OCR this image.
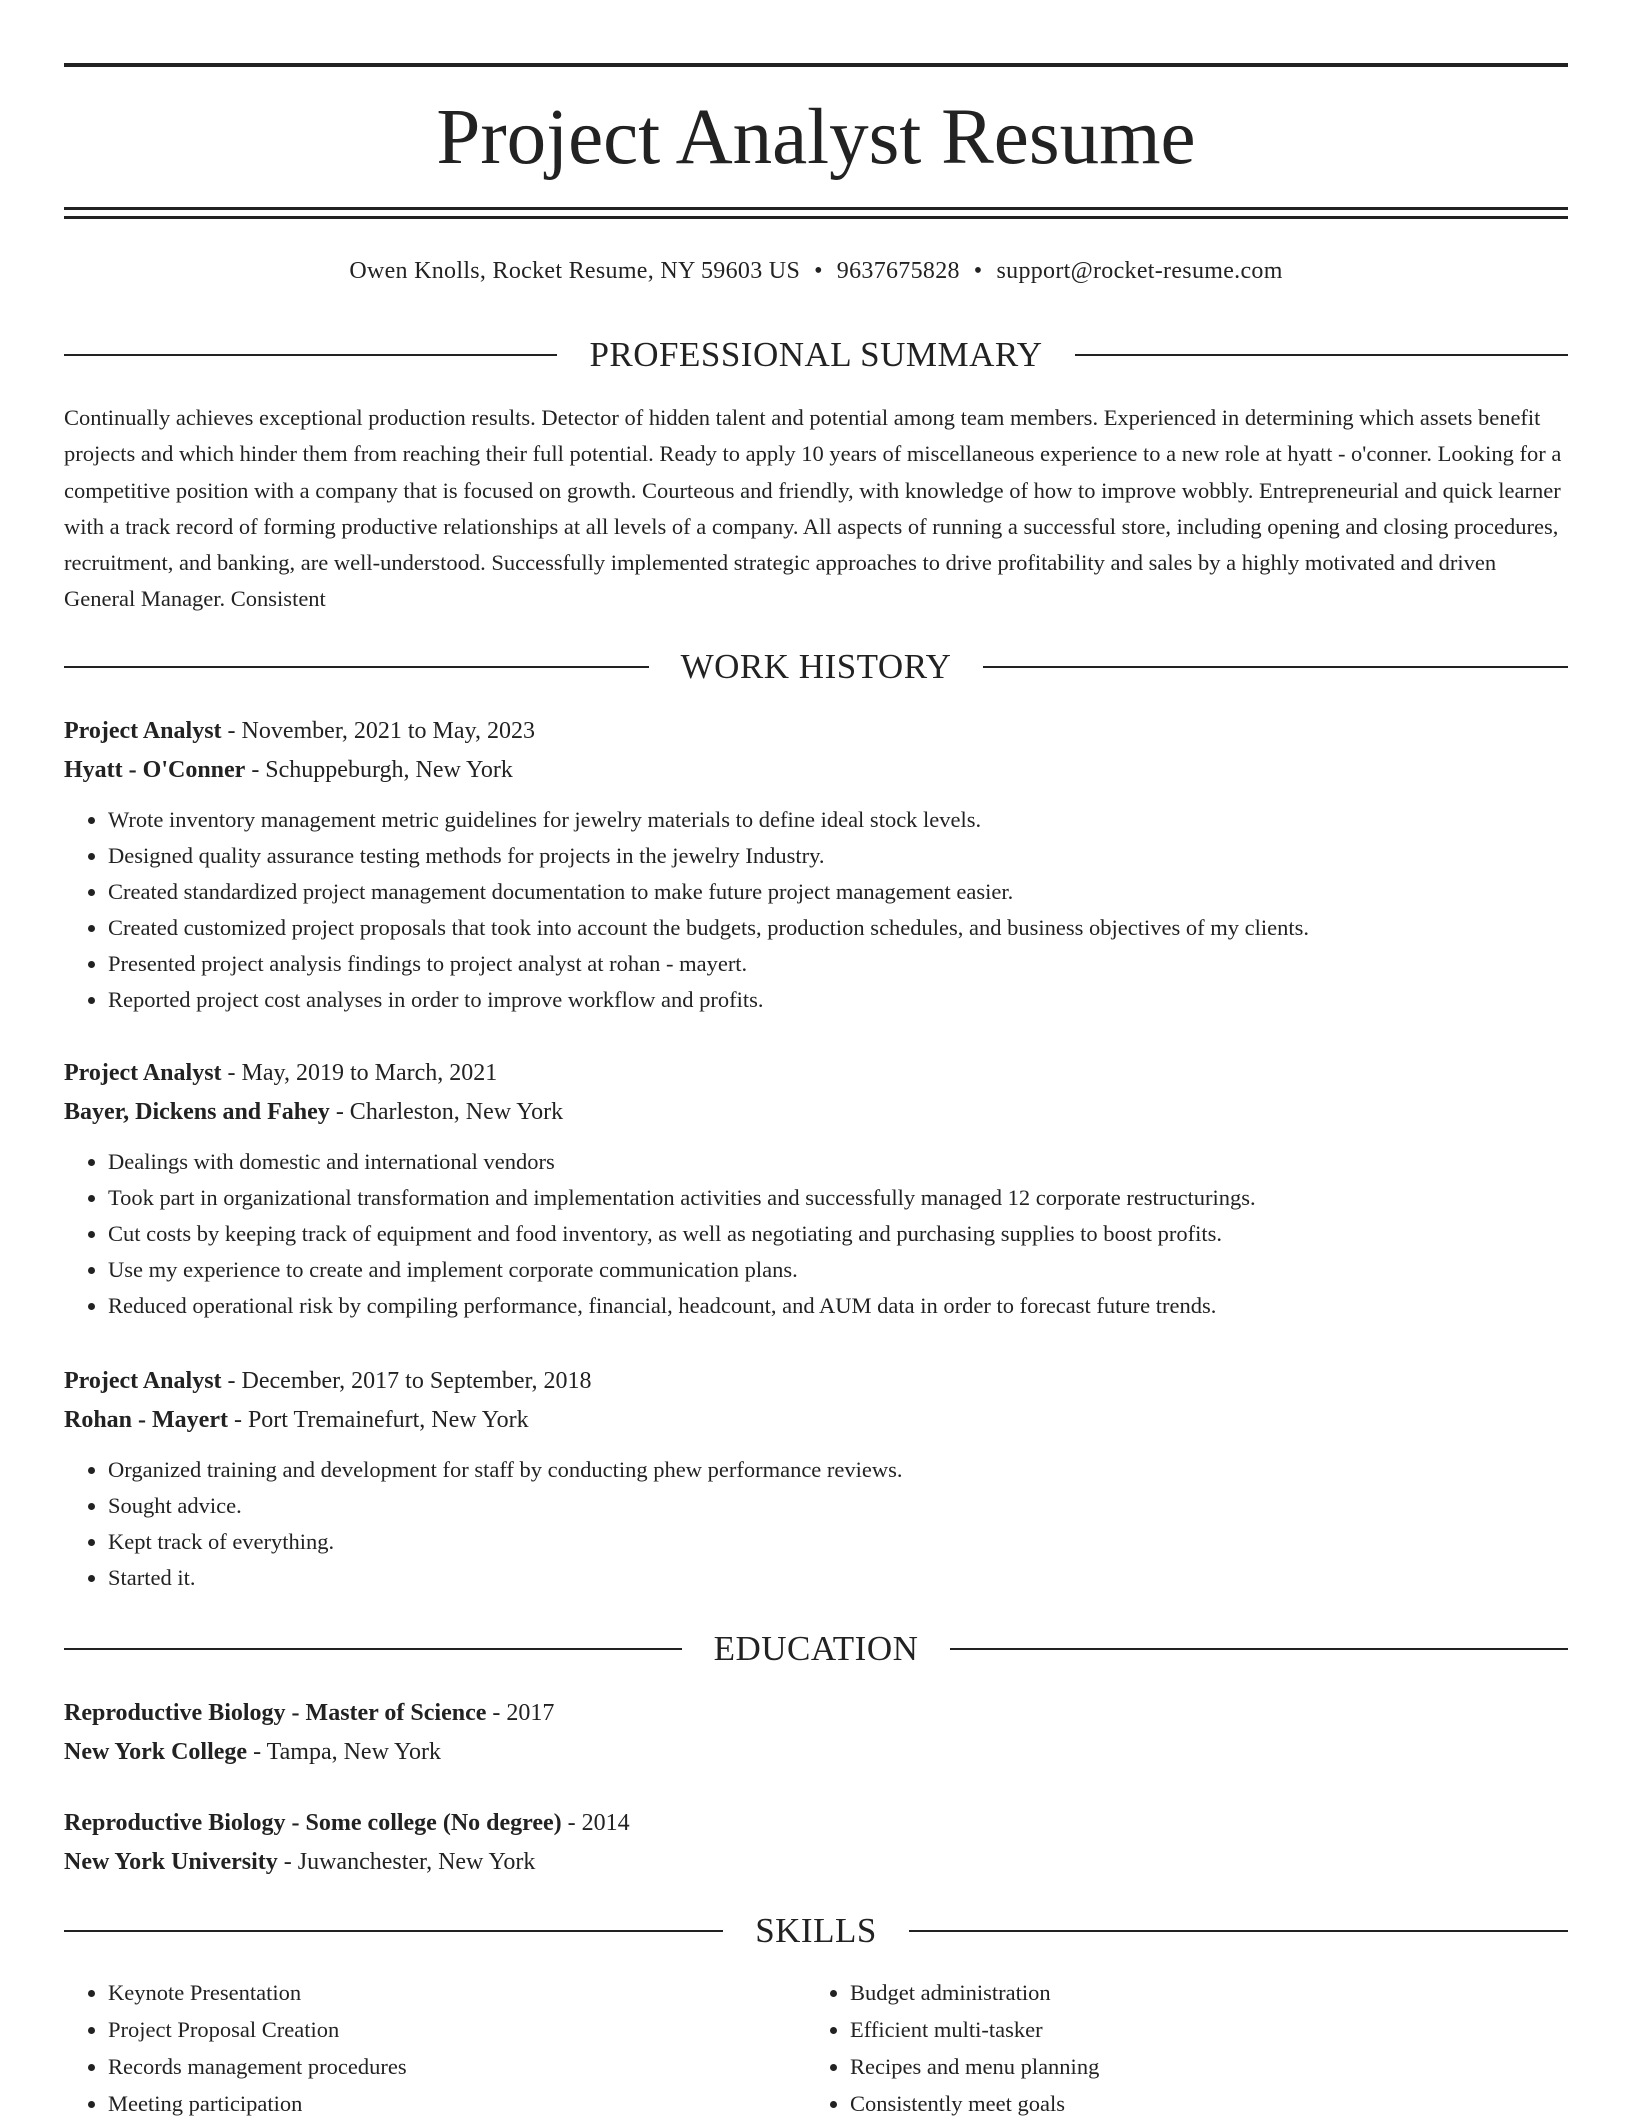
Project Analyst Resume
Owen Knolls, Rocket Resume, NY 59603 US • 9637675828 • support@rocket-resume.com
PROFESSIONAL SUMMARY
Continually achieves exceptional production results. Detector of hidden talent and potential among team members. Experienced in determining which assets benefit projects and which hinder them from reaching their full potential. Ready to apply 10 years of miscellaneous experience to a new role at hyatt - o'conner. Looking for a competitive position with a company that is focused on growth. Courteous and friendly, with knowledge of how to improve wobbly. Entrepreneurial and quick learner with a track record of forming productive relationships at all levels of a company. All aspects of running a successful store, including opening and closing procedures, recruitment, and banking, are well-understood. Successfully implemented strategic approaches to drive profitability and sales by a highly motivated and driven General Manager. Consistent
WORK HISTORY
Project Analyst - November, 2021 to May, 2023
Hyatt - O'Conner - Schuppeburgh, New York
• Wrote inventory management metric guidelines for jewelry materials to define ideal stock levels.
• Designed quality assurance testing methods for projects in the jewelry Industry.
• Created standardized project management documentation to make future project management easier.
• Created customized project proposals that took into account the budgets, production schedules, and business objectives of my clients.
• Presented project analysis findings to project analyst at rohan - mayert.
• Reported project cost analyses in order to improve workflow and profits.
Project Analyst - May, 2019 to March, 2021
Bayer, Dickens and Fahey - Charleston, New York
• Dealings with domestic and international vendors
• Took part in organizational transformation and implementation activities and successfully managed 12 corporate restructurings.
• Cut costs by keeping track of equipment and food inventory, as well as negotiating and purchasing supplies to boost profits.
• Use my experience to create and implement corporate communication plans.
• Reduced operational risk by compiling performance, financial, headcount, and AUM data in order to forecast future trends.
Project Analyst - December, 2017 to September, 2018
Rohan - Mayert - Port Tremainefurt, New York
• Organized training and development for staff by conducting phew performance reviews.
• Sought advice.
• Kept track of everything.
• Started it.
EDUCATION
Reproductive Biology - Master of Science - 2017
New York College - Tampa, New York
Reproductive Biology - Some college (No degree) - 2014
New York University - Juwanchester, New York
SKILLS
• Keynote Presentation
• Project Proposal Creation
• Records management procedures
• Meeting participation
• Budget administration
• Efficient multi-tasker
• Recipes and menu planning
• Consistently meet goals
